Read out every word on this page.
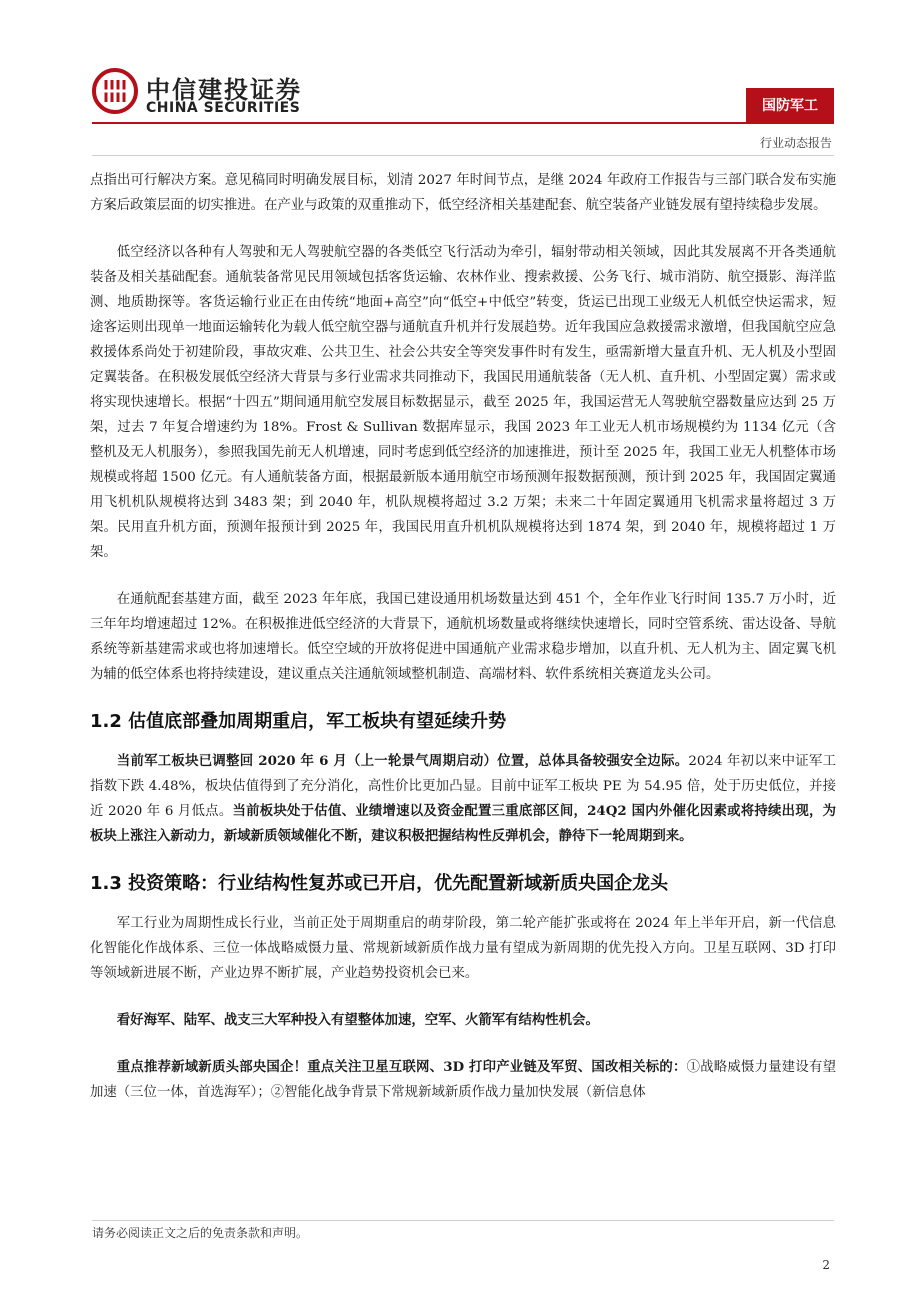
中信建投证券
CHINA SECURITIES	国防军工
行业动态报告

点指出可行解决方案。意见稿同时明确发展目标，划清 2027 年时间节点，是继 2024 年政府工作报告与三部门联合发布实施方案后政策层面的切实推进。在产业与政策的双重推动下，低空经济相关基建配套、航空装备产业链发展有望持续稳步发展。

低空经济以各种有人驾驶和无人驾驶航空器的各类低空飞行活动为牵引，辐射带动相关领域，因此其发展离不开各类通航装备及相关基础配套。通航装备常见民用领域包括客货运输、农林作业、搜索救援、公务飞行、城市消防、航空摄影、海洋监测、地质勘探等。客货运输行业正在由传统“地面+高空”向“低空+中低空”转变，货运已出现工业级无人机低空快运需求，短途客运则出现单一地面运输转化为载人低空航空器与通航直升机并行发展趋势。近年我国应急救援需求激增，但我国航空应急救援体系尚处于初建阶段，事故灾难、公共卫生、社会公共安全等突发事件时有发生，亟需新增大量直升机、无人机及小型固定翼装备。在积极发展低空经济大背景与多行业需求共同推动下，我国民用通航装备（无人机、直升机、小型固定翼）需求或将实现快速增长。根据“十四五”期间通用航空发展目标数据显示，截至 2025 年，我国运营无人驾驶航空器数量应达到 25 万架，过去 7 年复合增速约为 18%。Frost & Sullivan 数据库显示，我国 2023 年工业无人机市场规模约为 1134 亿元（含整机及无人机服务），参照我国先前无人机增速，同时考虑到低空经济的加速推进，预计至 2025 年，我国工业无人机整体市场规模或将超 1500 亿元。有人通航装备方面，根据最新版本通用航空市场预测年报数据预测，预计到 2025 年，我国固定翼通用飞机机队规模将达到 3483 架；到 2040 年，机队规模将超过 3.2 万架；未来二十年固定翼通用飞机需求量将超过 3 万架。民用直升机方面，预测年报预计到 2025 年，我国民用直升机机队规模将达到 1874 架，到 2040 年，规模将超过 1 万架。

在通航配套基建方面，截至 2023 年年底，我国已建设通用机场数量达到 451 个，全年作业飞行时间 135.7 万小时，近三年年均增速超过 12%。在积极推进低空经济的大背景下，通航机场数量或将继续快速增长，同时空管系统、雷达设备、导航系统等新基建需求或也将加速增长。低空空域的开放将促进中国通航产业需求稳步增加，以直升机、无人机为主、固定翼飞机为辅的低空体系也将持续建设，建议重点关注通航领域整机制造、高端材料、软件系统相关赛道龙头公司。

1.2 估值底部叠加周期重启，军工板块有望延续升势

当前军工板块已调整回 2020 年 6 月（上一轮景气周期启动）位置，总体具备较强安全边际。2024 年初以来中证军工指数下跌 4.48%，板块估值得到了充分消化，高性价比更加凸显。目前中证军工板块 PE 为 54.95 倍，处于历史低位，并接近 2020 年 6 月低点。当前板块处于估值、业绩增速以及资金配置三重底部区间，24Q2 国内外催化因素或将持续出现，为板块上涨注入新动力，新域新质领域催化不断，建议积极把握结构性反弹机会，静待下一轮周期到来。

1.3 投资策略：行业结构性复苏或已开启，优先配置新域新质央国企龙头

军工行业为周期性成长行业，当前正处于周期重启的萌芽阶段，第二轮产能扩张或将在 2024 年上半年开启，新一代信息化智能化作战体系、三位一体战略威慑力量、常规新域新质作战力量有望成为新周期的优先投入方向。卫星互联网、3D 打印等领域新进展不断，产业边界不断扩展，产业趋势投资机会已来。

看好海军、陆军、战支三大军种投入有望整体加速，空军、火箭军有结构性机会。

重点推荐新域新质头部央国企！重点关注卫星互联网、3D 打印产业链及军贸、国改相关标的：①战略威慑力量建设有望加速（三位一体，首选海军）；②智能化战争背景下常规新域新质作战力量加快发展（新信息体

请务必阅读正文之后的免责条款和声明。
2
